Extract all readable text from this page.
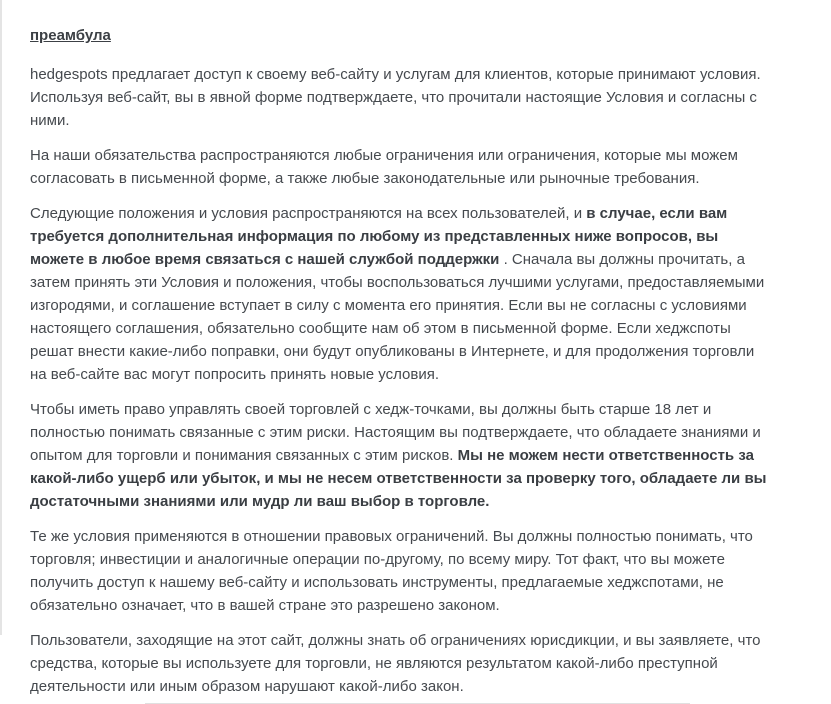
преамбула

hedgespots предлагает доступ к своему веб-сайту и услугам для клиентов, которые принимают условия. Используя веб-сайт, вы в явной форме подтверждаете, что прочитали настоящие Условия и согласны с ними.

На наши обязательства распространяются любые ограничения или ограничения, которые мы можем согласовать в письменной форме, а также любые законодательные или рыночные требования.

Следующие положения и условия распространяются на всех пользователей, и в случае, если вам требуется дополнительная информация по любому из представленных ниже вопросов, вы можете в любое время связаться с нашей службой поддержки . Сначала вы должны прочитать, а затем принять эти Условия и положения, чтобы воспользоваться лучшими услугами, предоставляемыми изгородями, и соглашение вступает в силу с момента его принятия. Если вы не согласны с условиями настоящего соглашения, обязательно сообщите нам об этом в письменной форме. Если хеджспоты решат внести какие-либо поправки, они будут опубликованы в Интернете, и для продолжения торговли на веб-сайте вас могут попросить принять новые условия.

Чтобы иметь право управлять своей торговлей с хедж-точками, вы должны быть старше 18 лет и полностью понимать связанные с этим риски. Настоящим вы подтверждаете, что обладаете знаниями и опытом для торговли и понимания связанных с этим рисков. Мы не можем нести ответственность за какой-либо ущерб или убыток, и мы не несем ответственности за проверку того, обладаете ли вы достаточными знаниями или мудр ли ваш выбор в торговле.

Те же условия применяются в отношении правовых ограничений. Вы должны полностью понимать, что торговля; инвестиции и аналогичные операции по-другому, по всему миру. Тот факт, что вы можете получить доступ к нашему веб-сайту и использовать инструменты, предлагаемые хеджспотами, не обязательно означает, что в вашей стране это разрешено законом.

Пользователи, заходящие на этот сайт, должны знать об ограничениях юрисдикции, и вы заявляете, что средства, которые вы используете для торговли, не являются результатом какой-либо преступной деятельности или иным образом нарушают какой-либо закон.
